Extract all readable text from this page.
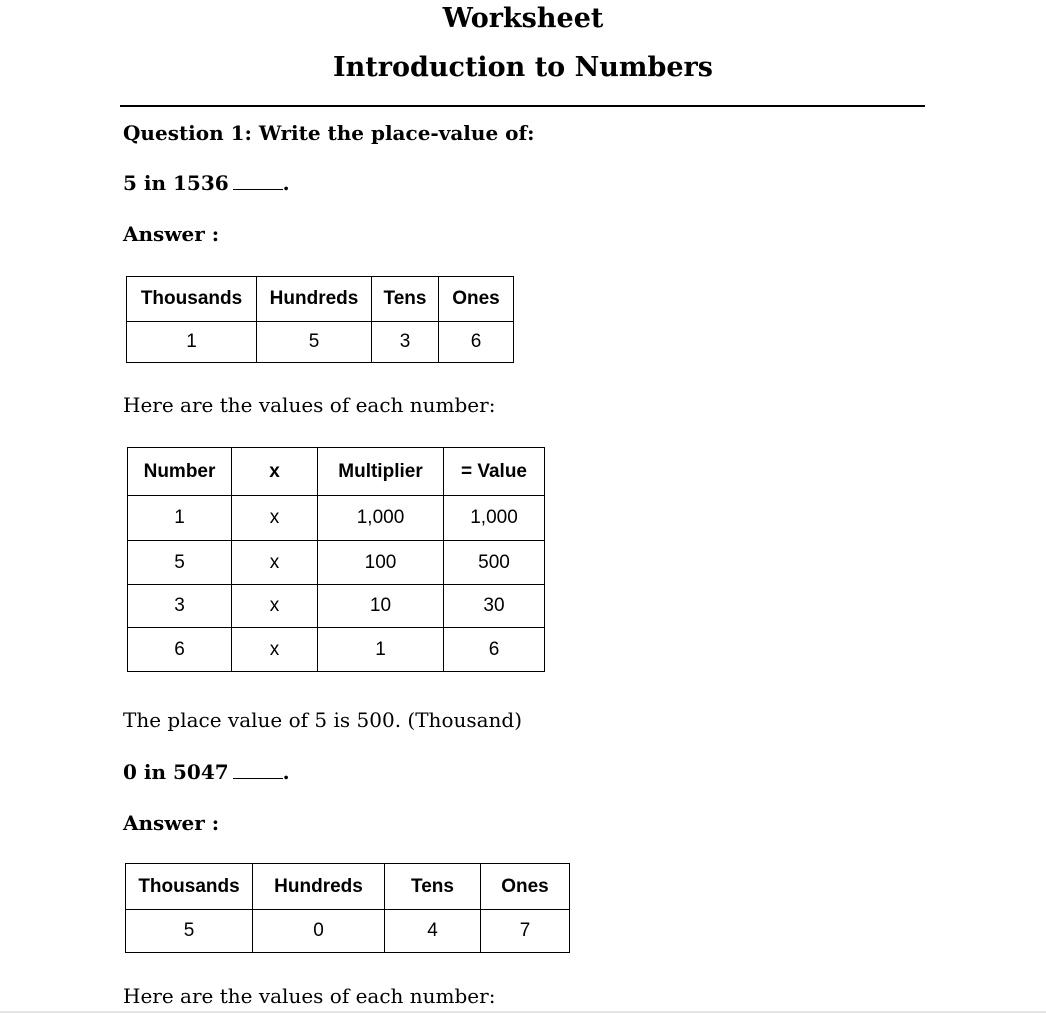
Worksheet
Introduction to Numbers
Question 1: Write the place-value of:
5 in 1536	.
Answer :
Thousands	Hundreds	Tens	Ones
1	5	3	6
Here are the values of each number:
Number	x	Multiplier	= Value
1	x	1,000	1,000
5	x	100	500
3	x	10	30
6	x	1	6
The place value of 5 is 500. (Thousand)
0 in 5047	.
Answer :
Thousands	Hundreds	Tens	Ones
5	0	4	7
Here are the values of each number:
